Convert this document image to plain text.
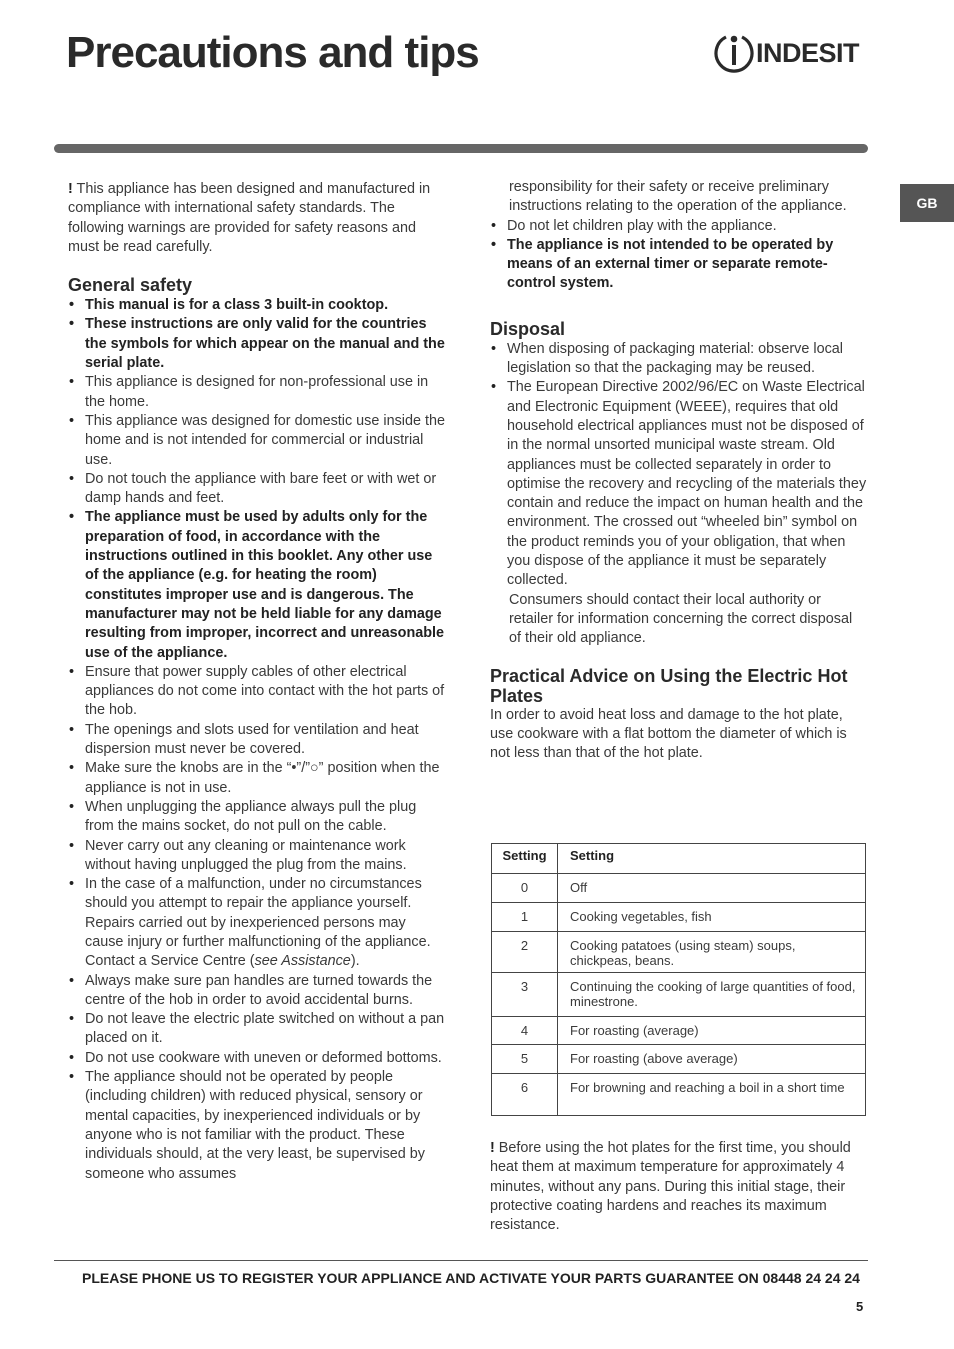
Precautions and tips	INDESIT
GB

! This appliance has been designed and manufactured in compliance with international safety standards. The following warnings are provided for safety reasons and must be read carefully.

General safety
• This manual is for a class 3 built-in cooktop.
• These instructions are only valid for the countries the symbols for which appear on the manual and the serial plate.
• This appliance is designed for non-professional use in the home.
• This appliance was designed for domestic use inside the home and is not intended for commercial or industrial use.
• Do not touch the appliance with bare feet or with wet or damp hands and feet.
• The appliance must be used by adults only for the preparation of food, in accordance with the instructions outlined in this booklet. Any other use of the appliance (e.g. for heating the room) constitutes improper use and is dangerous. The manufacturer may not be held liable for any damage resulting from improper, incorrect and unreasonable use of the appliance.
• Ensure that power supply cables of other electrical appliances do not come into contact with the hot parts of the hob.
• The openings and slots used for ventilation and heat dispersion must never be covered.
• Make sure the knobs are in the “•”/”○” position when the appliance is not in use.
• When unplugging the appliance always pull the plug from the mains socket, do not pull on the cable.
• Never carry out any cleaning or maintenance work without having unplugged the plug from the mains.
• In the case of a malfunction, under no circumstances should you attempt to repair the appliance yourself. Repairs carried out by inexperienced persons may cause injury or further malfunctioning of the appliance. Contact a Service Centre (see Assistance).
• Always make sure pan handles are turned towards the centre of the hob in order to avoid accidental burns.
• Do not leave the electric plate switched on without a pan placed on it.
• Do not use cookware with uneven or deformed bottoms.
• The appliance should not be operated by people (including children) with reduced physical, sensory or mental capacities, by inexperienced individuals or by anyone who is not familiar with the product. These individuals should, at the very least, be supervised by someone who assumes

responsibility for their safety or receive preliminary instructions relating to the operation of the appliance.

• Do not let children play with the appliance.
• The appliance is not intended to be operated by means of an external timer or separate remote-control system.
Disposal
• When disposing of packaging material: observe local legislation so that the packaging may be reused.
• The European Directive 2002/96/EC on Waste Electrical and Electronic Equipment (WEEE), requires that old household electrical appliances must not be disposed of in the normal unsorted municipal waste stream. Old appliances must be collected separately in order to optimise the recovery and recycling of the materials they contain and reduce the impact on human health and the environment. The crossed out “wheeled bin” symbol on the product reminds you of your obligation, that when you dispose of the appliance it must be separately collected.

Consumers should contact their local authority or retailer for information concerning the correct disposal of their old appliance.

Practical Advice on Using the Electric Hot Plates

In order to avoid heat loss and damage to the hot plate, use cookware with a flat bottom the diameter of which is not less than that of the hot plate.

Setting	Setting
0	Off
1	Cooking vegetables, fish
2	Cooking patatoes (using steam) soups, chickpeas, beans.
3	Continuing the cooking of large quantities of food, minestrone.
4	For roasting (average)
5	For roasting (above average)
6	For browning and reaching a boil in a short time

! Before using the hot plates for the first time, you should heat them at maximum temperature for approximately 4 minutes, without any pans. During this initial stage, their protective coating hardens and reaches its maximum resistance.

PLEASE PHONE US TO REGISTER YOUR APPLIANCE AND ACTIVATE YOUR PARTS GUARANTEE ON 08448 24 24 24
5
